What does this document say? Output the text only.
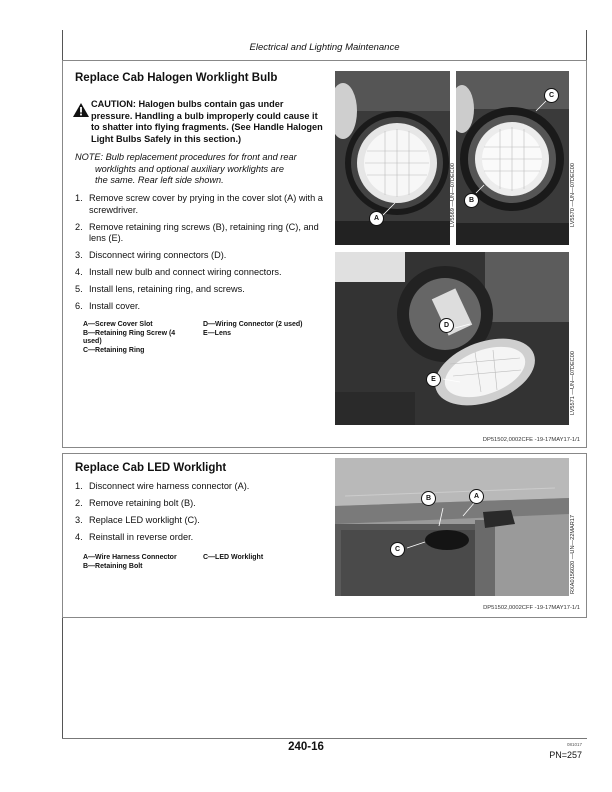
Electrical and Lighting Maintenance
Replace Cab Halogen Worklight Bulb
CAUTION: Halogen bulbs contain gas under pressure. Handling a bulb improperly could cause it to shatter into flying fragments. (See Handle Halogen Light Bulbs Safely in this section.)
NOTE: Bulb replacement procedures for front and rear
worklights and optional auxiliary worklights are
the same. Rear left side shown.
1. Remove screw cover by prying in the cover slot (A) with a screwdriver.
2. Remove retaining ring screws (B), retaining ring (C), and lens (E).
3. Disconnect wiring connectors (D).
4. Install new bulb and connect wiring connectors.
5. Install lens, retaining ring, and screws.
6. Install cover.
A—Screw Cover Slot
B—Retaining Ring Screw (4 used)
C—Retaining Ring
D—Wiring Connector (2 used)
E—Lens
A	LV5569 —UN—07DEC00
C
B	LV5570 —UN—07DEC00
D
E	LV5571 —UN—07DEC00
DP51502,0002CFE -19-17MAY17-1/1
Replace Cab LED Worklight
1. Disconnect wire harness connector (A).
2. Remove retaining bolt (B).
3. Replace LED worklight (C).
4. Reinstall in reverse order.
A—Wire Harness Connector
B—Retaining Bolt
C—LED Worklight
B	A
C	RXA0156020 —UN—22MAR17
DP51502,0002CFF -19-17MAY17-1/1
240-16	081017
PN=257
